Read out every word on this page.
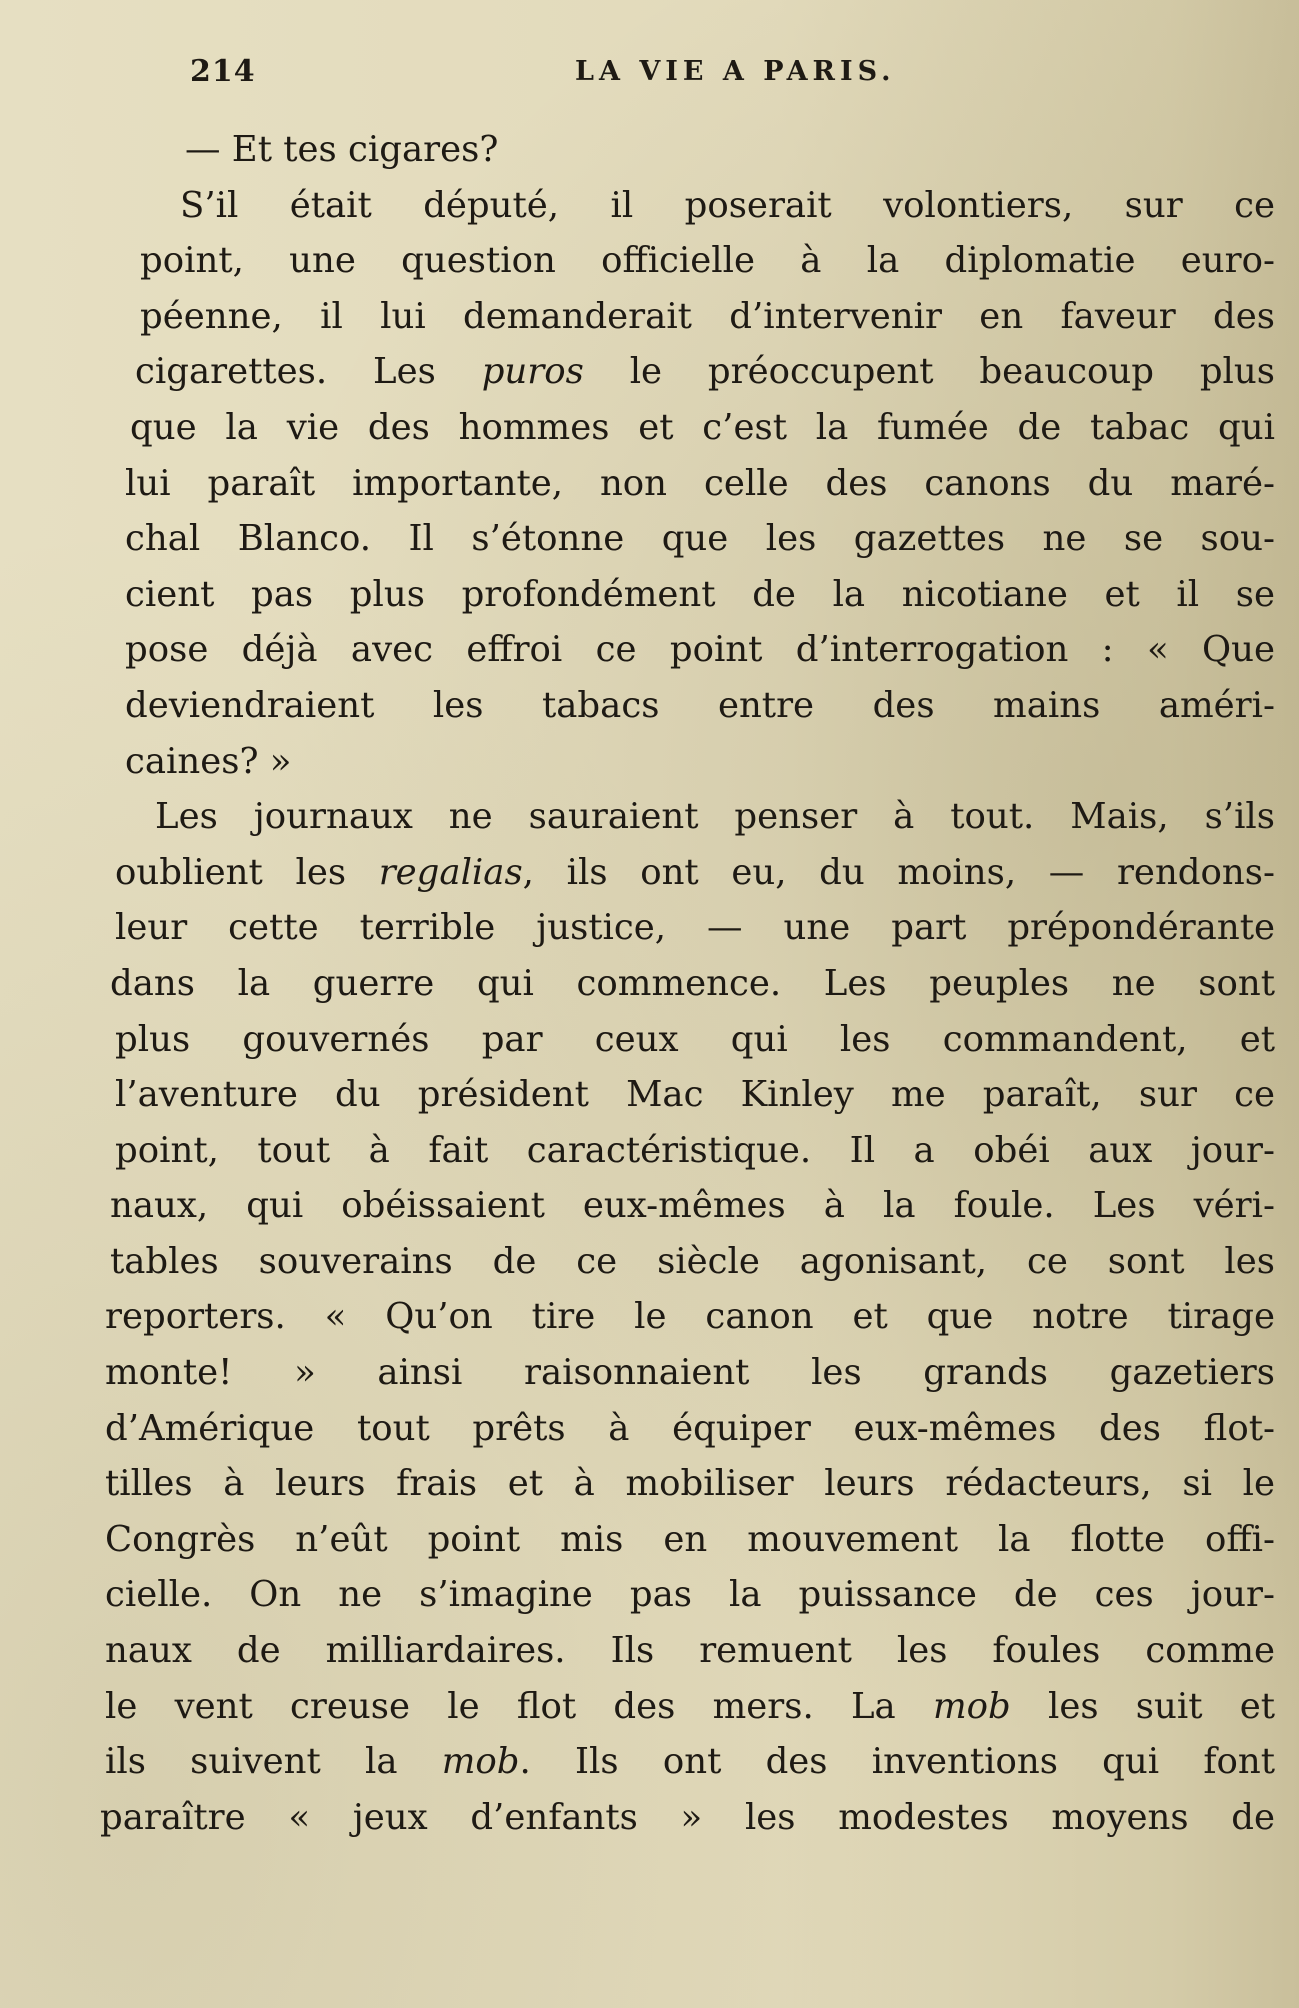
214	LA VIE A PARIS.
— Et tes cigares?
S’il était député, il poserait volontiers, sur ce
point, une question officielle à la diplomatie euro-
péenne, il lui demanderait d’intervenir en faveur des
cigarettes. Les puros le préoccupent beaucoup plus
que la vie des hommes et c’est la fumée de tabac qui
lui paraît importante, non celle des canons du maré-
chal Blanco. Il s’étonne que les gazettes ne se sou-
cient pas plus profondément de la nicotiane et il se
pose déjà avec effroi ce point d’interrogation : « Que
deviendraient les tabacs entre des mains améri-
caines? »
Les journaux ne sauraient penser à tout. Mais, s’ils
oublient les regalias, ils ont eu, du moins, — rendons-
leur cette terrible justice, — une part prépondérante
dans la guerre qui commence. Les peuples ne sont
plus gouvernés par ceux qui les commandent, et
l’aventure du président Mac Kinley me paraît, sur ce
point, tout à fait caractéristique. Il a obéi aux jour-
naux, qui obéissaient eux-mêmes à la foule. Les véri-
tables souverains de ce siècle agonisant, ce sont les
reporters. « Qu’on tire le canon et que notre tirage
monte! » ainsi raisonnaient les grands gazetiers
d’Amérique tout prêts à équiper eux-mêmes des flot-
tilles à leurs frais et à mobiliser leurs rédacteurs, si le
Congrès n’eût point mis en mouvement la flotte offi-
cielle. On ne s’imagine pas la puissance de ces jour-
naux de milliardaires. Ils remuent les foules comme
le vent creuse le flot des mers. La mob les suit et
ils suivent la mob. Ils ont des inventions qui font
paraître « jeux d’enfants » les modestes moyens de
